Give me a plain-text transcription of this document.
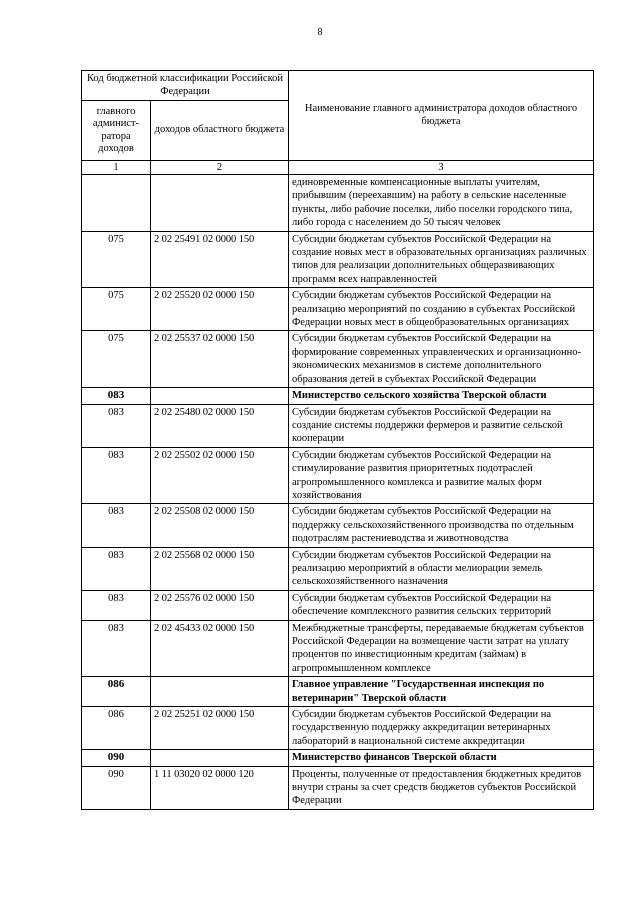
8
Код бюджетной классификации Российской Федерации		Наименование главного администратора доходов областного бюджета
главного админист-ратора доходов	доходов областного бюджета	
1	2	3
		единовременные компенсационные выплаты учителям, прибывшим (переехавшим) на работу в сельские населенные пункты, либо рабочие поселки, либо поселки городского типа, либо города с населением до 50 тысяч человек
075	2 02 25491 02 0000 150	Субсидии бюджетам субъектов Российской Федерации на создание новых мест в образовательных организациях различных типов для реализации дополнительных общеразвивающих программ всех направленностей
075	2 02 25520 02 0000 150	Субсидии бюджетам субъектов Российской Федерации на реализацию мероприятий по созданию в субъектах Российской Федерации новых мест в общеобразовательных организациях
075	2 02 25537 02 0000 150	Субсидии бюджетам субъектов Российской Федерации на формирование современных управленческих и организационно-экономических механизмов в системе дополнительного образования детей в субъектах Российской Федерации
083		Министерство сельского хозяйства Тверской области
083	2 02 25480 02 0000 150	Субсидии бюджетам субъектов Российской Федерации на создание системы поддержки фермеров и развитие сельской кооперации
083	2 02 25502 02 0000 150	Субсидии бюджетам субъектов Российской Федерации на стимулирование развития приоритетных подотраслей агропромышленного комплекса и развитие малых форм хозяйствования
083	2 02 25508 02 0000 150	Субсидии бюджетам субъектов Российской Федерации на поддержку сельскохозяйственного производства по отдельным подотраслям растениеводства и животноводства
083	2 02 25568 02 0000 150	Субсидии бюджетам субъектов Российской Федерации на реализацию мероприятий в области мелиорации земель сельскохозяйственного назначения
083	2 02 25576 02 0000 150	Субсидии бюджетам субъектов Российской Федерации на обеспечение комплексного развития сельских территорий
083	2 02 45433 02 0000 150	Межбюджетные трансферты, передаваемые бюджетам субъектов Российской Федерации на возмещение части затрат на уплату процентов по инвестиционным кредитам (займам) в агропромышленном комплексе
086		Главное управление "Государственная инспекция по ветеринарии" Тверской области
086	2 02 25251 02 0000 150	Субсидии бюджетам субъектов Российской Федерации на государственную поддержку аккредитации ветеринарных лабораторий в национальной системе аккредитации
090		Министерство финансов Тверской области
090	1 11 03020 02 0000 120	Проценты, полученные от предоставления бюджетных кредитов внутри страны за счет средств бюджетов субъектов Российской Федерации
